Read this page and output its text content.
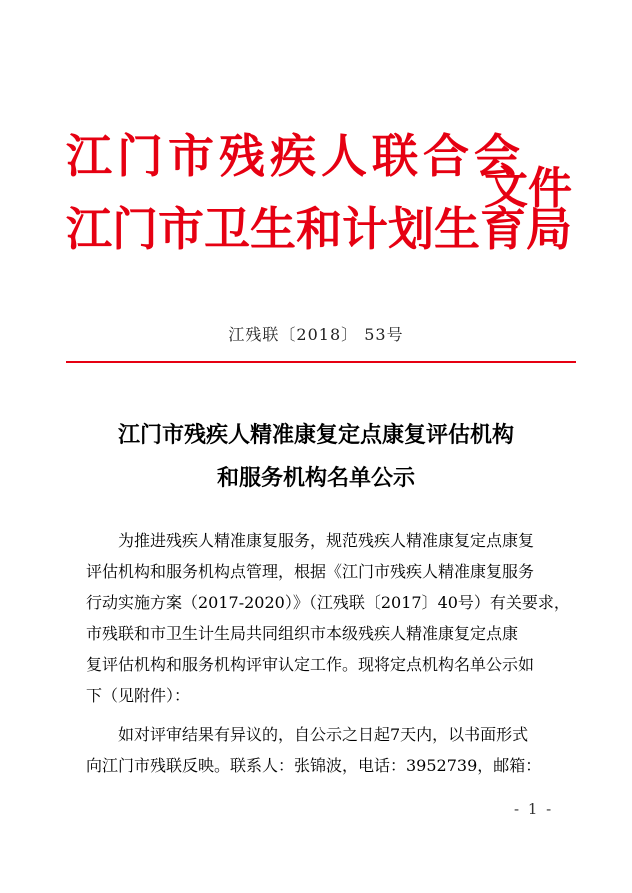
江门市残疾人联合会
江门市卫生和计划生育局
文件
江残联〔2018〕 53号
江门市残疾人精准康复定点康复评估机构
和服务机构名单公示
为推进残疾人精准康复服务，规范残疾人精准康复定点康复
评估机构和服务机构点管理，根据《江门市残疾人精准康复服务
行动实施方案（2017-2020）》（江残联〔2017〕40号）有关要求，
市残联和市卫生计生局共同组织市本级残疾人精准康复定点康
复评估机构和服务机构评审认定工作。现将定点机构名单公示如
下（见附件）：
如对评审结果有异议的，自公示之日起7天内，以书面形式
向江门市残联反映。联系人：张锦波，电话：3952739，邮箱：
- 1 -
